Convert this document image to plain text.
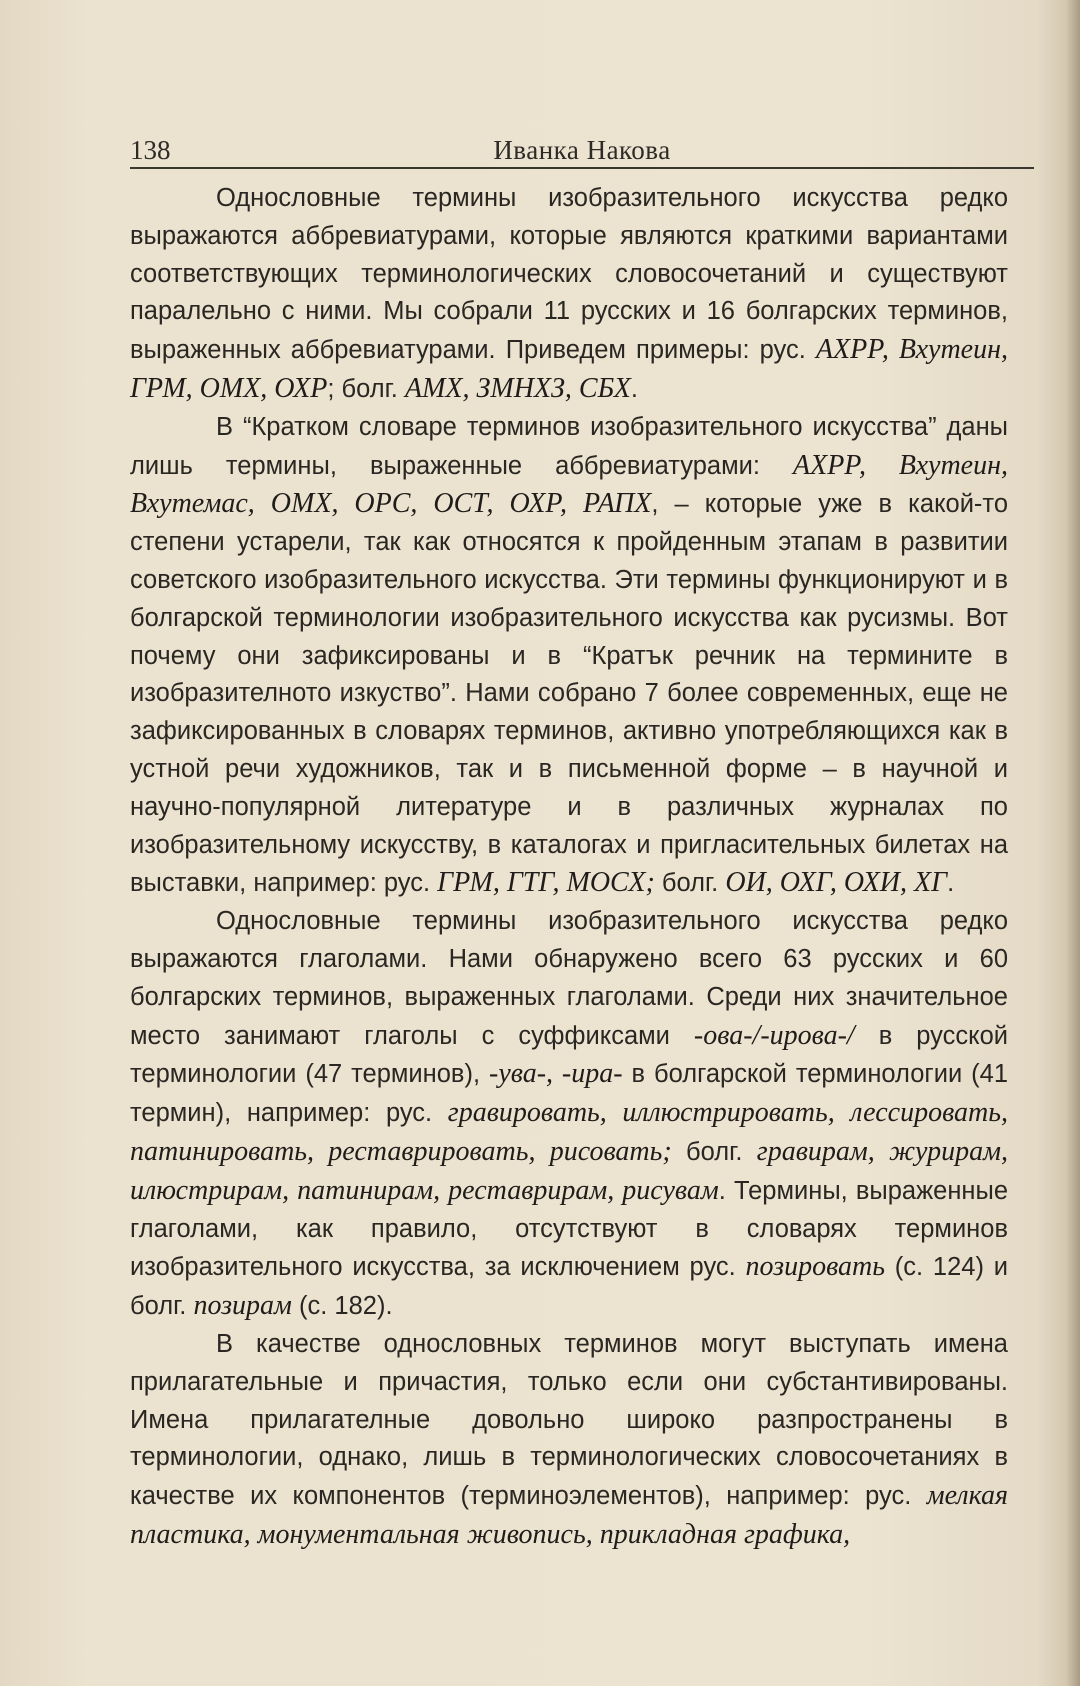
138	Иванка Накова

Однословные термины изобразительного искусства редко выражаются аббревиатурами, которые являются краткими вариантами соответствующих терминологических словосочетаний и существуют паралельно с ними. Мы собрали 11 русских и 16 болгарских терминов, выраженных аббревиатурами. Приведем примеры: рус. АХРР, Вхутеин, ГРМ, ОМХ, ОХР; болг. АМХ, ЗМНХЗ, СБХ.

В “Кратком словаре терминов изобразительного искусства” даны лишь термины, выраженные аббревиатурами: АХРР, Вхутеин, Вхутемас, ОМХ, ОРС, ОСТ, ОХР, РАПХ, – которые уже в какой-то степени устарели, так как относятся к пройденным этапам в развитии советского изобразительного искусства. Эти термины функционируют и в болгарской терминологии изобразительного искусства как русизмы. Вот почему они зафиксированы и в “Кратък речник на термините в изобразителното изкуство”. Нами собрано 7 более современных, еще не зафиксированных в словарях терминов, активно употребляющихся как в устной речи художников, так и в письменной форме – в научной и научно-популярной литературе и в различных журналах по изобразительному искусству, в каталогах и пригласительных билетах на выставки, например: рус. ГРМ, ГТГ, МОСХ; болг. ОИ, ОХГ, ОХИ, ХГ.

Однословные термины изобразительного искусства редко выражаются глаголами. Нами обнаружено всего 63 русских и 60 болгарских терминов, выраженных глаголами. Среди них значительное место занимают глаголы с суффиксами -ова-/-ирова-/ в русской терминологии (47 терминов), -ува-, -ира- в болгарской терминологии (41 термин), например: рус. гравировать, иллюстрировать, лессировать, патинировать, реставрировать, рисовать; болг. гравирам, журирам, илюстрирам, патинирам, реставрирам, рисувам. Термины, выраженные глаголами, как правило, отсутствуют в словарях терминов изобразительного искусства, за исключением рус. позировать (с. 124) и болг. позирам (с. 182).

В качестве однословных терминов могут выступать имена прилагательные и причастия, только если они субстантивированы. Имена прилагателные довольно широко разпространены в терминологии, однако, лишь в терминологических словосочетаниях в качестве их компонентов (терминоэлементов), например: рус. мелкая пластика, монументальная живопись, прикладная графика,
